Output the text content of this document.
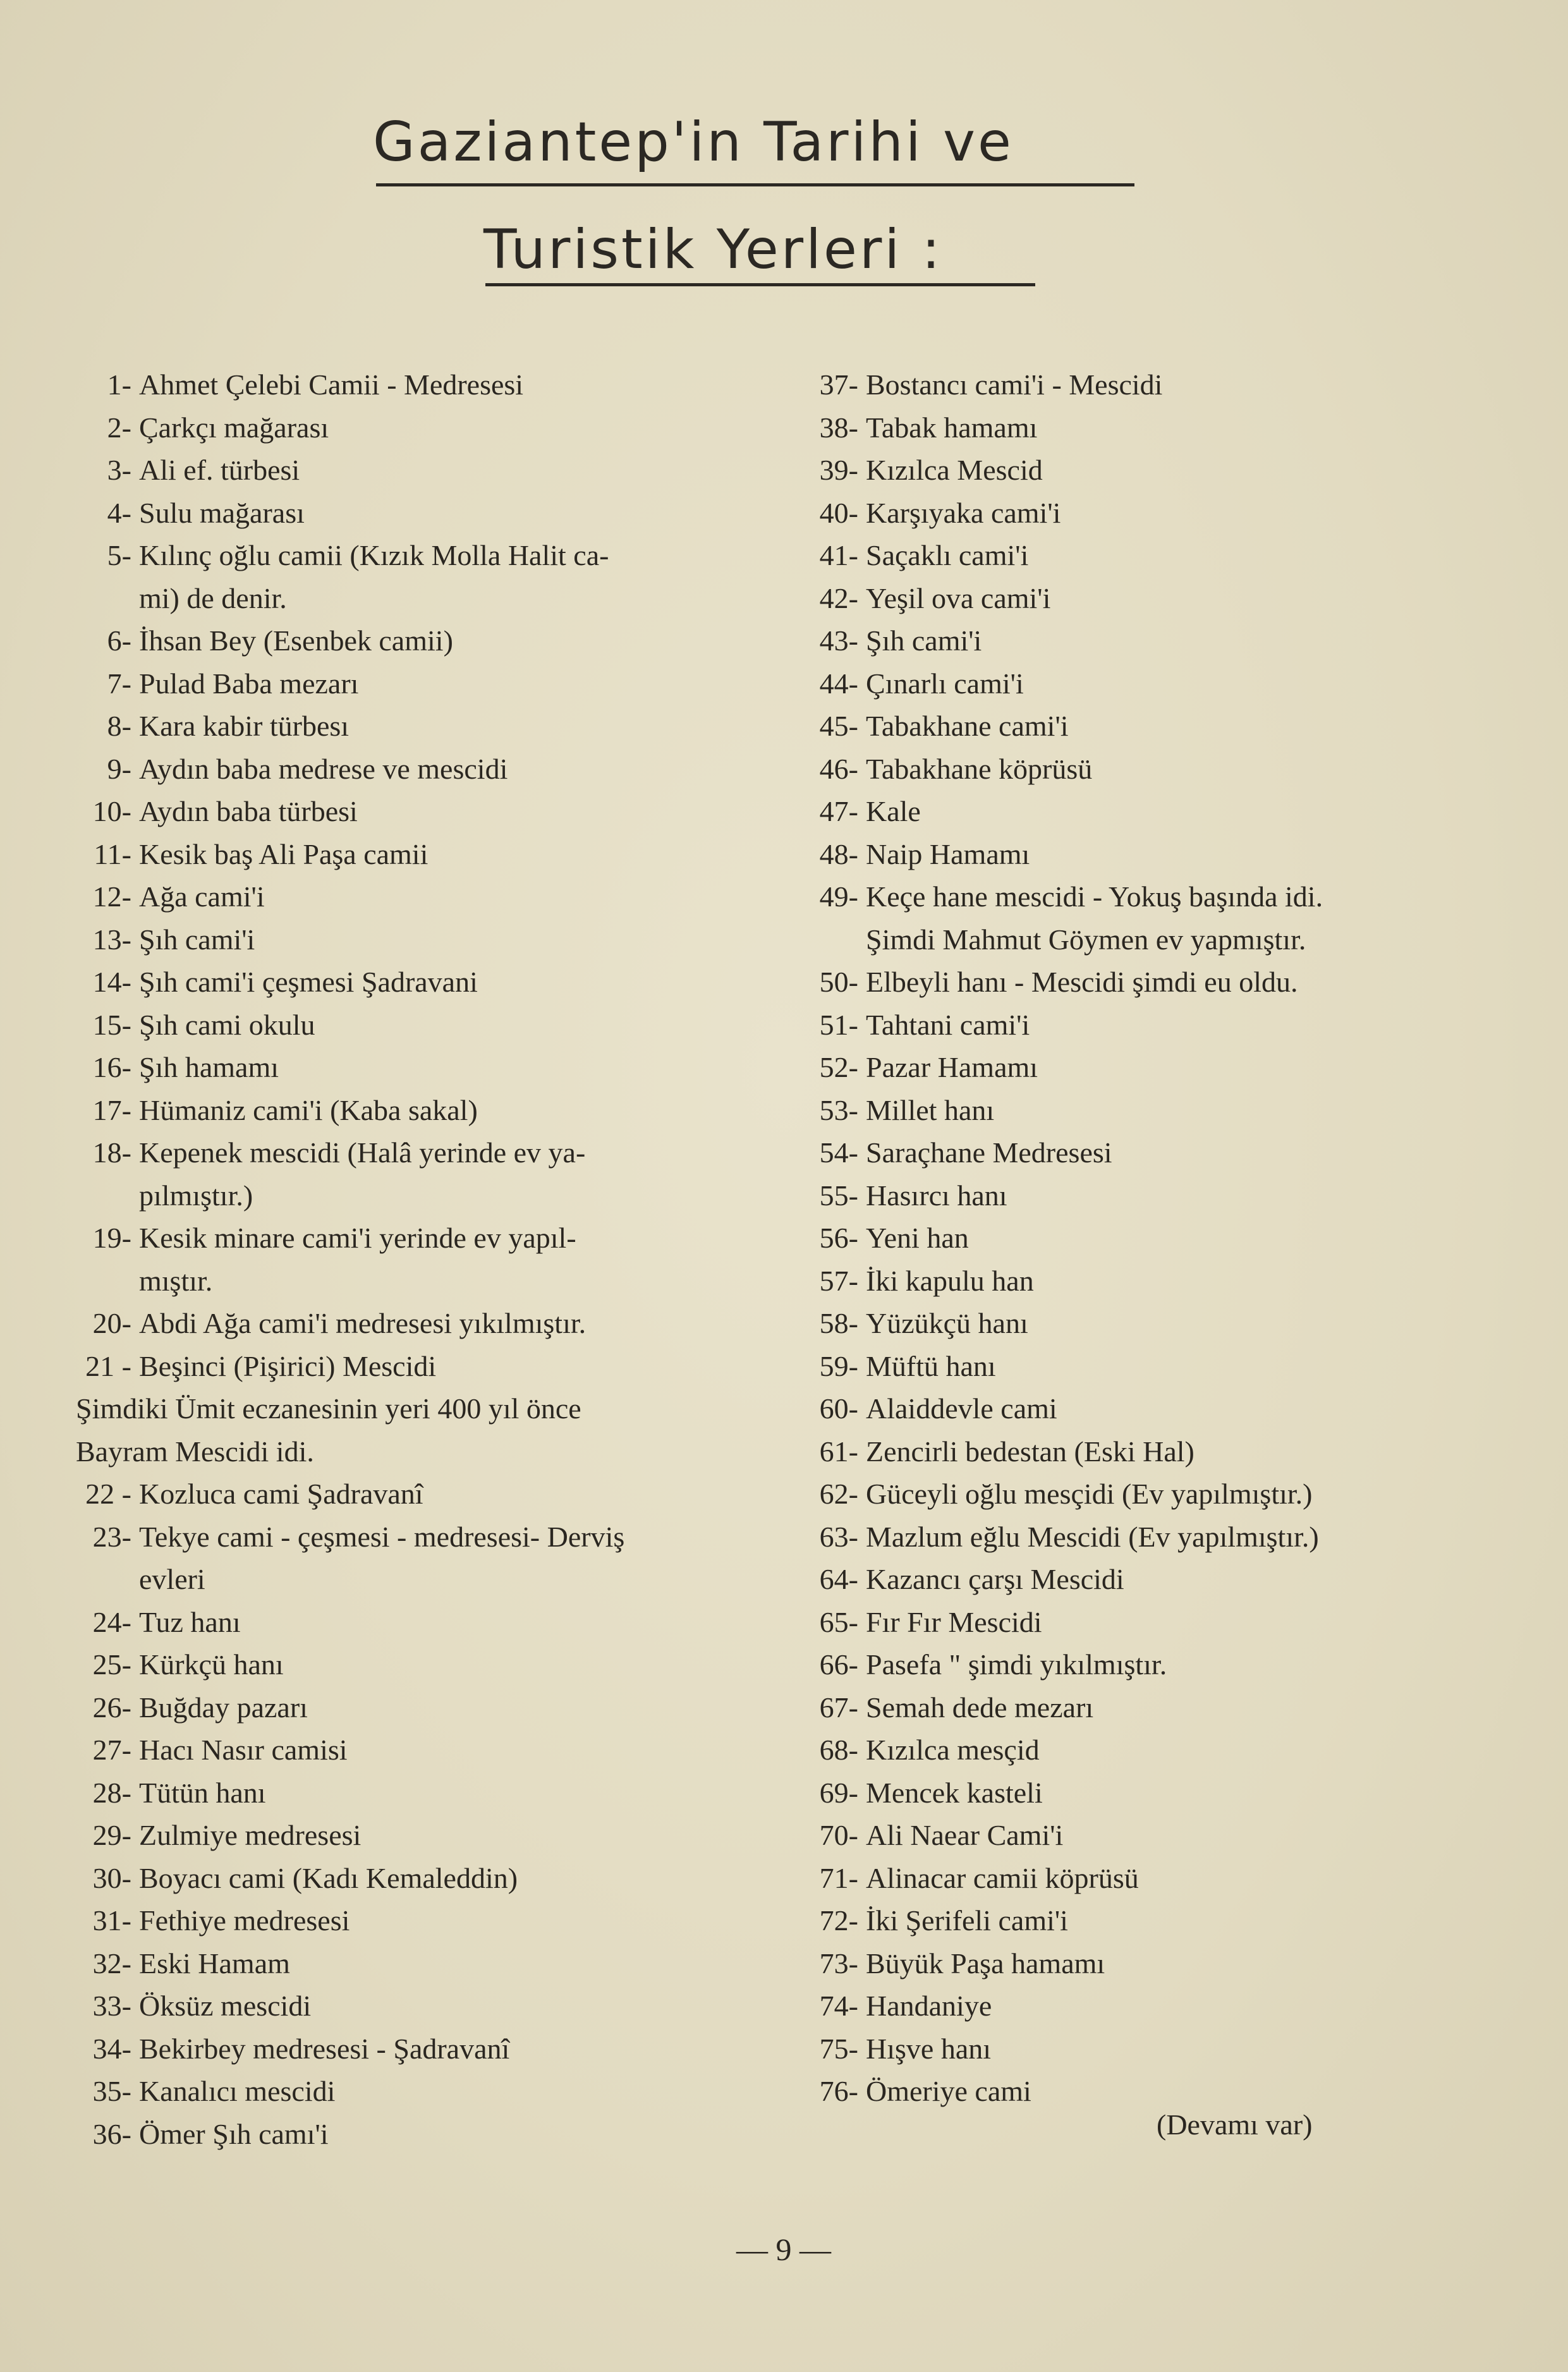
Gaziantep'in Tarihi ve
Turistik Yerleri :
1- Ahmet Çelebi Camii - Medresesi
2- Çarkçı mağarası
3- Ali ef. türbesi
4- Sulu mağarası
5- Kılınç oğlu camii (Kızık Molla Halit ca-
mi) de denir.
6- İhsan Bey (Esenbek camii)
7- Pulad Baba mezarı
8- Kara kabir türbesı
9- Aydın baba medrese ve mescidi
10- Aydın baba türbesi
11- Kesik baş Ali Paşa camii
12- Ağa cami'i
13- Şıh cami'i
14- Şıh cami'i çeşmesi Şadravani
15- Şıh cami okulu
16- Şıh hamamı
17- Hümaniz cami'i (Kaba sakal)
18- Kepenek mescidi (Halâ yerinde ev ya-
pılmıştır.)
19- Kesik minare cami'i yerinde ev yapıl-
mıştır.
20- Abdi Ağa cami'i medresesi yıkılmıştır.
21 - Beşinci (Pişirici) Mescidi
Şimdiki Ümit eczanesinin yeri 400 yıl önce
Bayram Mescidi idi.
22 - Kozluca cami Şadravanî
23- Tekye cami - çeşmesi - medresesi- Derviş
evleri
24- Tuz hanı
25- Kürkçü hanı
26- Buğday pazarı
27- Hacı Nasır camisi
28- Tütün hanı
29- Zulmiye medresesi
30- Boyacı cami (Kadı Kemaleddin)
31- Fethiye medresesi
32- Eski Hamam
33- Öksüz mescidi
34- Bekirbey medresesi - Şadravanî
35- Kanalıcı mescidi
36- Ömer Şıh camı'i
37- Bostancı cami'i - Mescidi
38- Tabak hamamı
39- Kızılca Mescid
40- Karşıyaka cami'i
41- Saçaklı cami'i
42- Yeşil ova cami'i
43- Şıh cami'i
44- Çınarlı cami'i
45- Tabakhane cami'i
46- Tabakhane köprüsü
47- Kale
48- Naip Hamamı
49- Keçe hane mescidi - Yokuş başında idi.
Şimdi Mahmut Göymen ev yapmıştır.
50- Elbeyli hanı - Mescidi şimdi eu oldu.
51- Tahtani cami'i
52- Pazar Hamamı
53- Millet hanı
54- Saraçhane Medresesi
55- Hasırcı hanı
56- Yeni han
57- İki kapulu han
58- Yüzükçü hanı
59- Müftü hanı
60- Alaiddevle cami
61- Zencirli bedestan (Eski Hal)
62- Güceyli oğlu mesçidi (Ev yapılmıştır.)
63- Mazlum eğlu Mescidi (Ev yapılmıştır.)
64- Kazancı çarşı Mescidi
65- Fır Fır Mescidi
66- Pasefa " şimdi yıkılmıştır.
67- Semah dede mezarı
68- Kızılca mesçid
69- Mencek kasteli
70- Ali Naear Cami'i
71- Alinacar camii köprüsü
72- İki Şerifeli cami'i
73- Büyük Paşa hamamı
74- Handaniye
75- Hışve hanı
76- Ömeriye cami
(Devamı var)
— 9 —
